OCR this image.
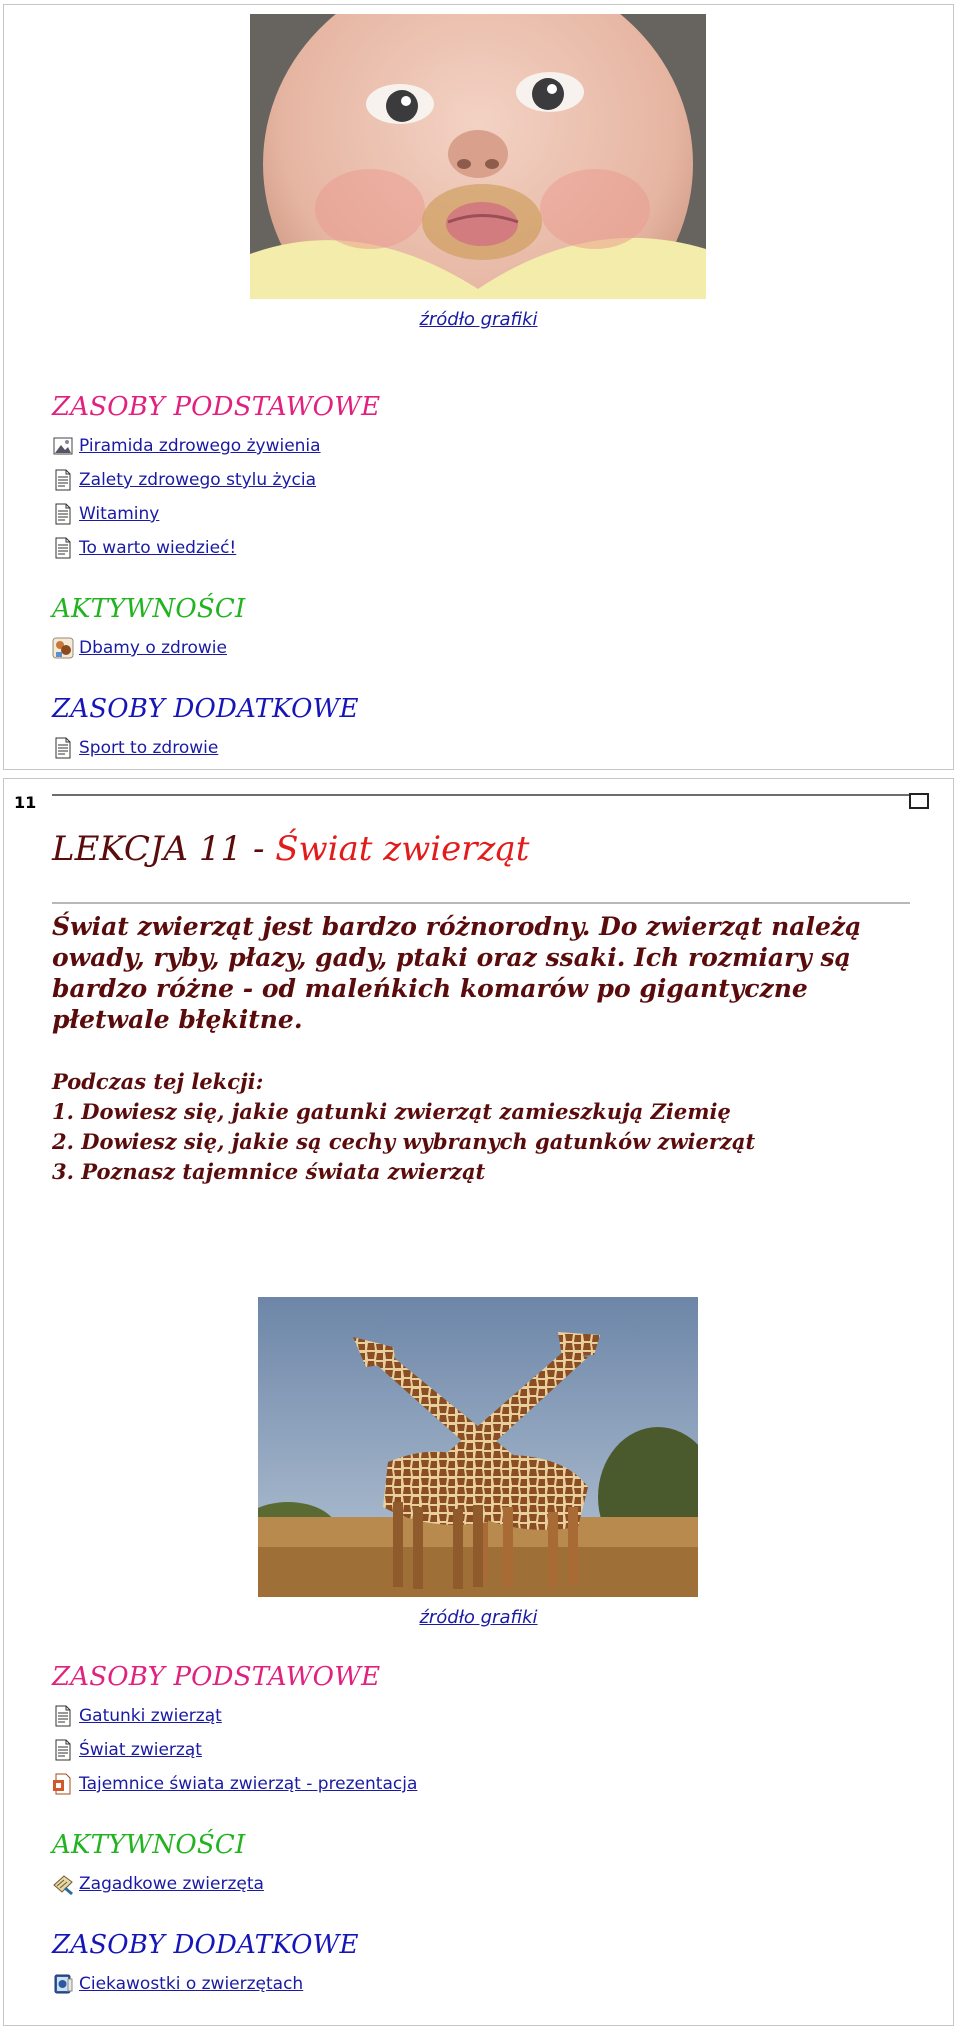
źródło grafiki
ZASOBY PODSTAWOWE
Piramida zdrowego żywienia
Zalety zdrowego stylu życia
Witaminy
To warto wiedzieć!
AKTYWNOŚCI
Dbamy o zdrowie
ZASOBY DODATKOWE
Sport to zdrowie
11
LEKCJA 11 - Świat zwierząt

Świat zwierząt jest bardzo różnorodny. Do zwierząt należą owady, ryby, płazy, gady, ptaki oraz ssaki. Ich rozmiary są bardzo różne - od maleńkich komarów po gigantyczne płetwale błękitne.

Podczas tej lekcji:
1. Dowiesz się, jakie gatunki zwierząt zamieszkują Ziemię
2. Dowiesz się, jakie są cechy wybranych gatunków zwierząt
3. Poznasz tajemnice świata zwierząt
źródło grafiki
ZASOBY PODSTAWOWE
Gatunki zwierząt
Świat zwierząt
Tajemnice świata zwierząt - prezentacja
AKTYWNOŚCI
Zagadkowe zwierzęta
ZASOBY DODATKOWE
Ciekawostki o zwierzętach
